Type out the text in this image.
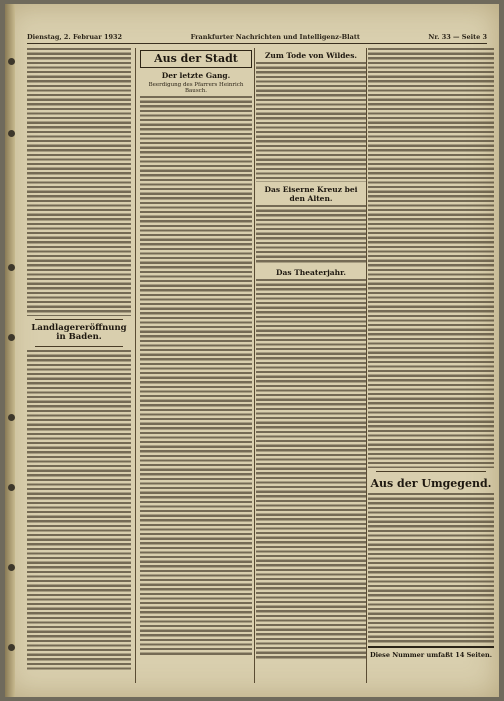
Dienstag, 2. Februar 1932	Frankfurter Nachrichten und Intelligenz-Blatt	Nr. 33 — Seite 3
Landlagereröffnung in Baden.
Aus der Stadt
Der letzte Gang.
Beerdigung des Pfarrers Heinrich Bausch.
Zum Tode von Wildes.
Das Eiserne Kreuz bei den Alten.
Das Theaterjahr.
Aus der Umgegend.
Diese Nummer umfaßt 14 Seiten.
